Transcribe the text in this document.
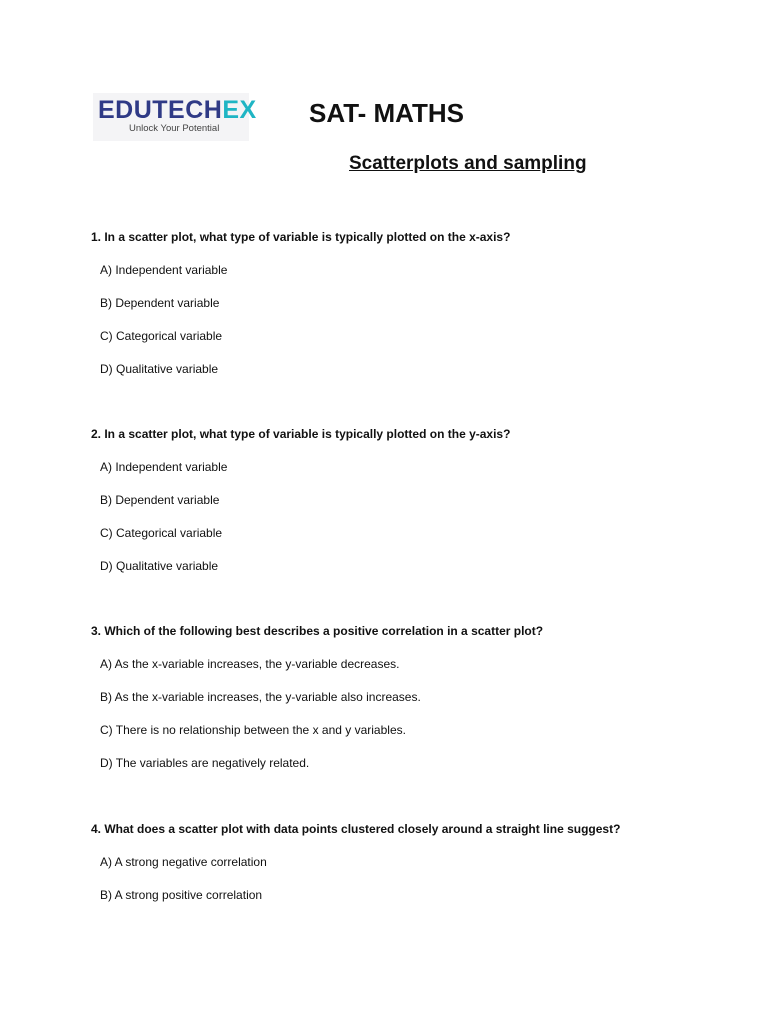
EDUTECHEX
Unlock Your Potential
SAT- MATHS
Scatterplots and sampling
1. In a scatter plot, what type of variable is typically plotted on the x-axis?
A) Independent variable
B) Dependent variable
C) Categorical variable
D) Qualitative variable
2. In a scatter plot, what type of variable is typically plotted on the y-axis?
A) Independent variable
B) Dependent variable
C) Categorical variable
D) Qualitative variable
3. Which of the following best describes a positive correlation in a scatter plot?
A) As the x-variable increases, the y-variable decreases.
B) As the x-variable increases, the y-variable also increases.
C) There is no relationship between the x and y variables.
D) The variables are negatively related.
4. What does a scatter plot with data points clustered closely around a straight line suggest?
A) A strong negative correlation
B) A strong positive correlation
